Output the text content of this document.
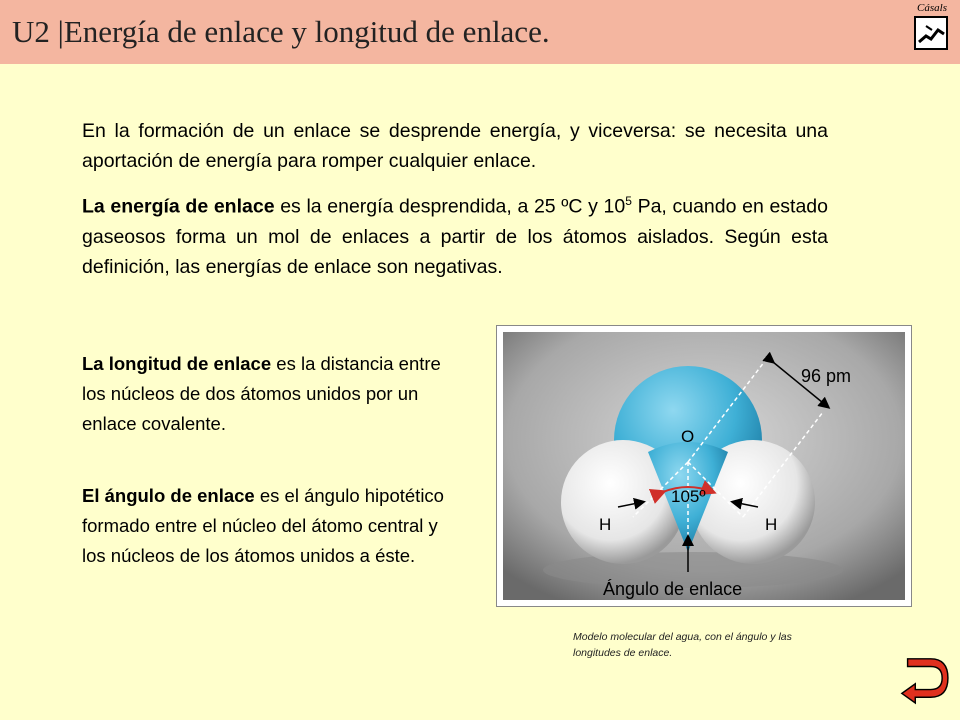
U2 |Energía de enlace y longitud de enlace.
Cásals

En la formación de un enlace se desprende energía, y viceversa: se necesita una aportación de energía para romper cualquier enlace.

La energía de enlace es la energía desprendida, a 25 ºC y $10^5$ Pa, cuando en estado gaseosos forma un mol de enlaces a partir de los átomos aislados. Según esta definición, las energías de enlace son negativas.

La longitud de enlace es la distancia entre los núcleos de dos átomos unidos por un enlace covalente.

El ángulo de enlace es el ángulo hipotético formado entre el núcleo del átomo central y los núcleos de los átomos unidos a éste.

96 pm
O
105º
H	H
Ángulo de enlace
Modelo molecular del agua, con el ángulo y las longitudes de enlace.
